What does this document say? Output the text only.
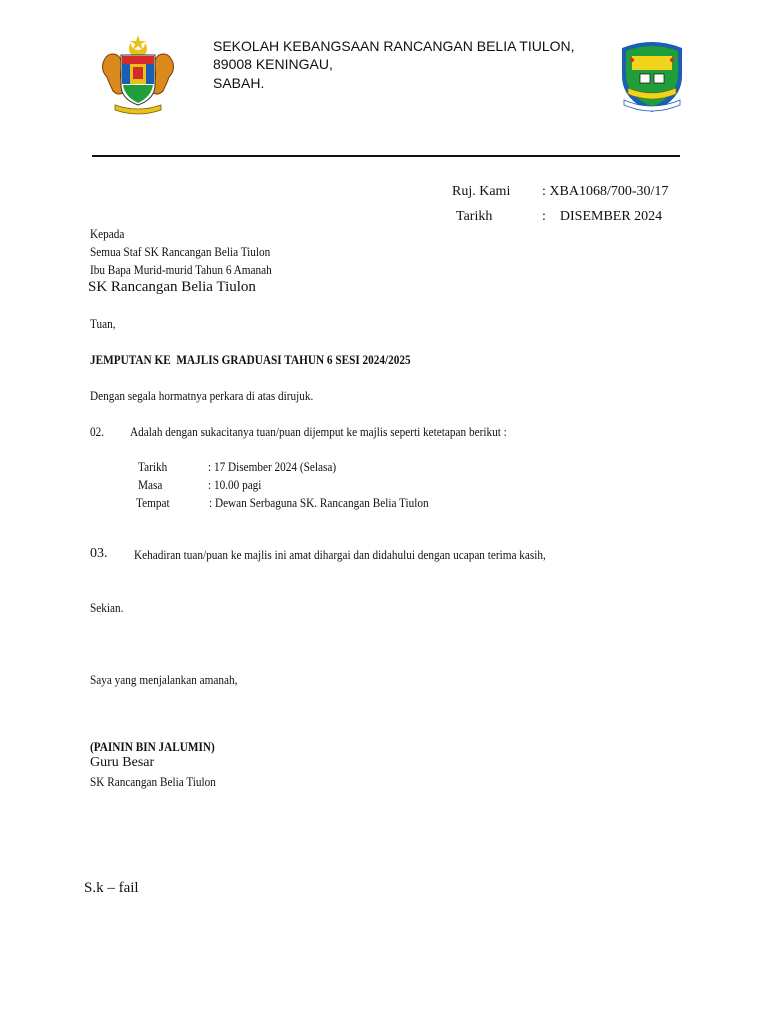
SEKOLAH KEBANGSAAN RANCANGAN BELIA TIULON,
89008 KENINGAU,
SABAH.
Ruj. Kami : XBA1068/700-30/17
Tarikh	:    DISEMBER 2024
Kepada
Semua Staf SK Rancangan Belia Tiulon
Ibu Bapa Murid-murid Tahun 6 Amanah
SK Rancangan Belia Tiulon
Tuan,
JEMPUTAN KE  MAJLIS GRADUASI TAHUN 6 SESI 2024/2025
Dengan segala hormatnya perkara di atas dirujuk.
02. Adalah dengan sukacitanya tuan/puan dijemput ke majlis seperti ketetapan berikut :
Tarikh	: 17 Disember 2024 (Selasa)
Masa	: 10.00 pagi
Tempat	: Dewan Serbaguna SK. Rancangan Belia Tiulon
03. Kehadiran tuan/puan ke majlis ini amat dihargai dan didahului dengan ucapan terima kasih,
Sekian.
Saya yang menjalankan amanah,
(PAININ BIN JALUMIN)
Guru Besar
SK Rancangan Belia Tiulon
S.k – fail
